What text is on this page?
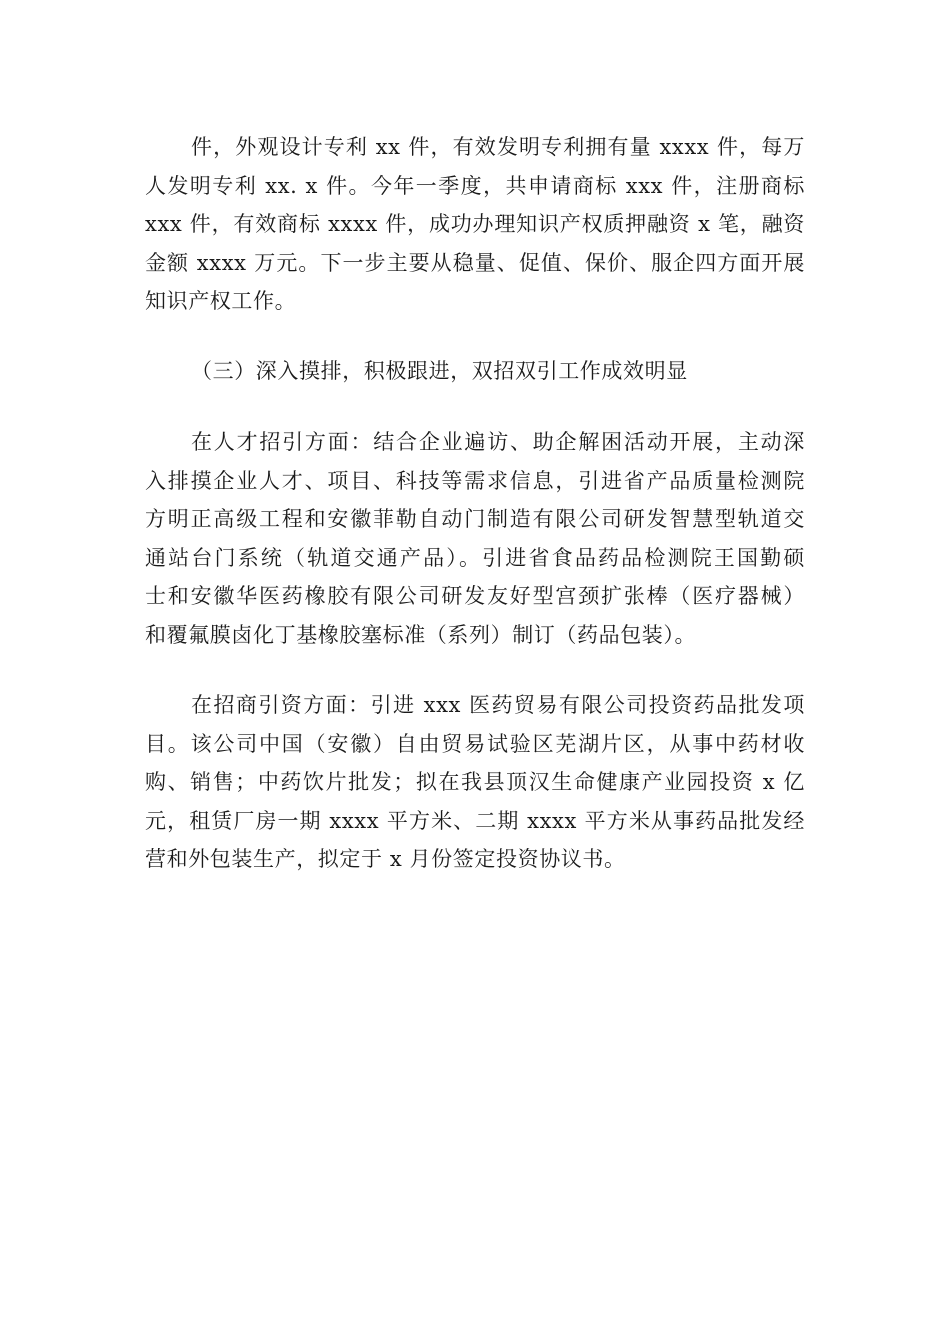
件，外观设计专利 xx 件，有效发明专利拥有量 xxxx 件，每万
人发明专利 xx. x 件。今年一季度，共申请商标 xxx 件，注册商标
xxx 件，有效商标 xxxx 件，成功办理知识产权质押融资 x 笔，融资
金额 xxxx 万元。下一步主要从稳量、促值、保价、服企四方面开展
知识产权工作。
（三）深入摸排，积极跟进，双招双引工作成效明显
在人才招引方面：结合企业遍访、助企解困活动开展，主动深
入排摸企业人才、项目、科技等需求信息，引进省产品质量检测院
方明正高级工程和安徽菲勒自动门制造有限公司研发智慧型轨道交
通站台门系统（轨道交通产品）。引进省食品药品检测院王国勤硕
士和安徽华医药橡胶有限公司研发友好型宫颈扩张棒（医疗器械）
和覆氟膜卤化丁基橡胶塞标准（系列）制订（药品包装）。
在招商引资方面：引进 xxx 医药贸易有限公司投资药品批发项
目。该公司中国（安徽）自由贸易试验区芜湖片区，从事中药材收
购、销售；中药饮片批发；拟在我县顶汉生命健康产业园投资 x 亿
元，租赁厂房一期 xxxx 平方米、二期 xxxx 平方米从事药品批发经
营和外包装生产，拟定于 x 月份签定投资协议书。
